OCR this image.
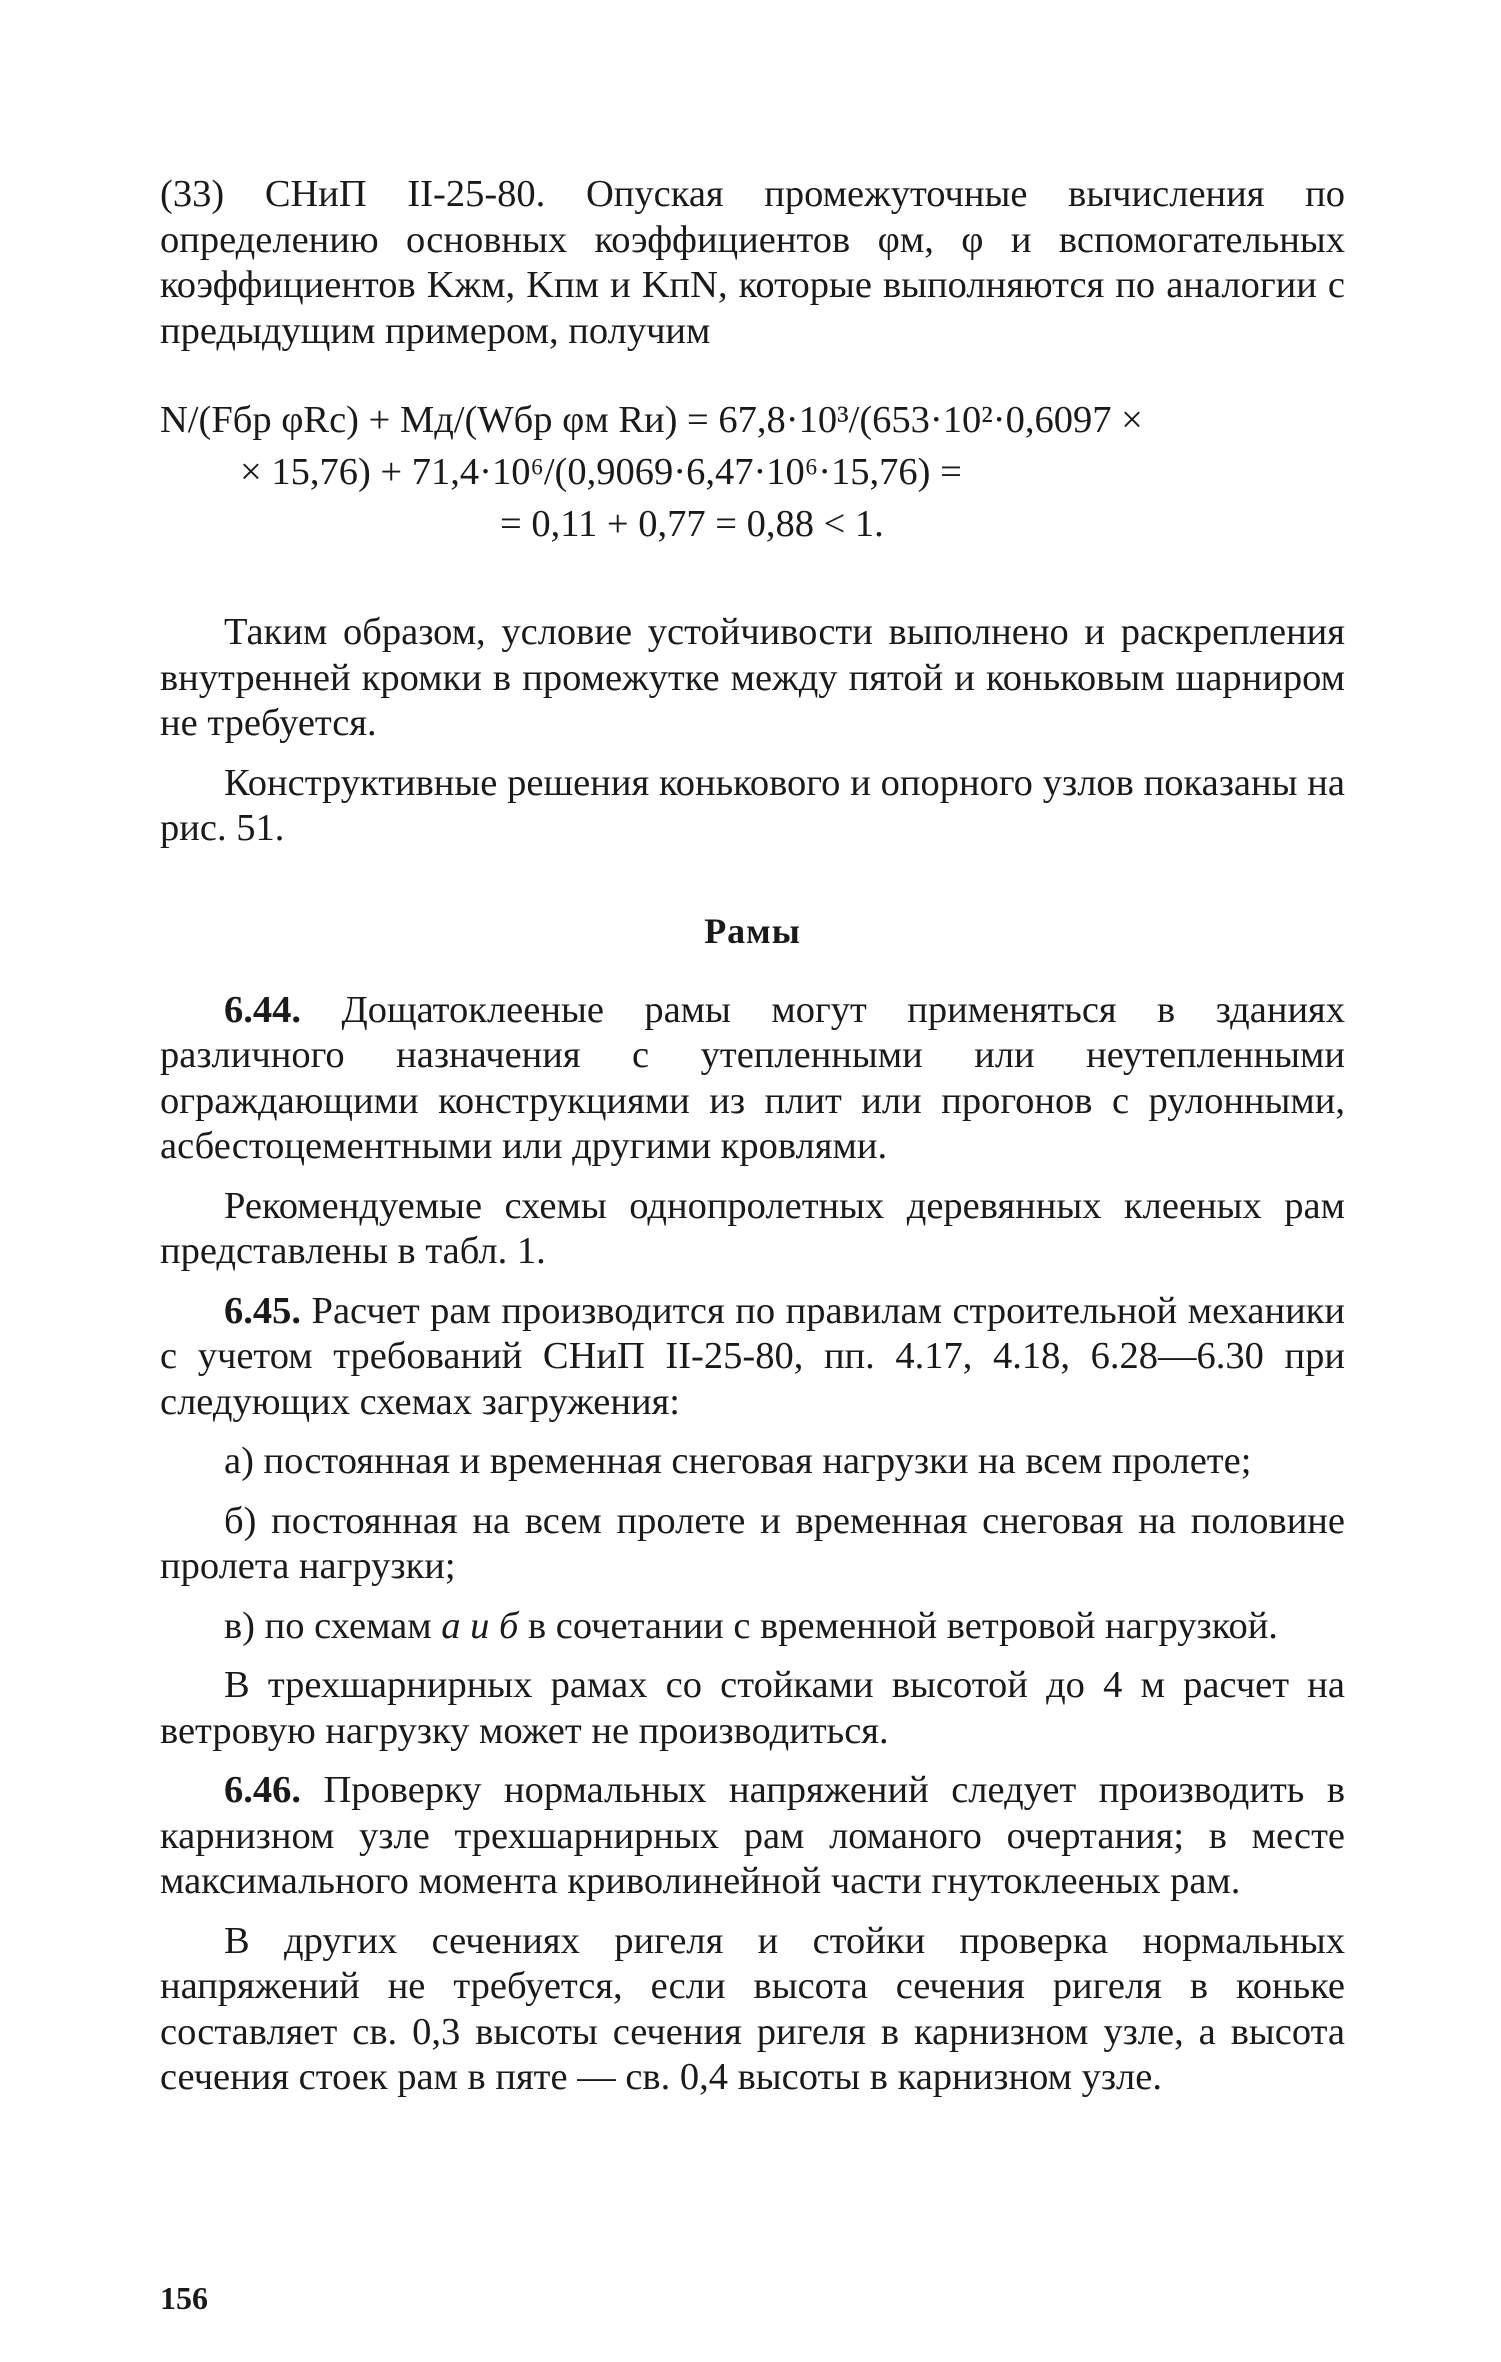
(33) СНиП II-25-80. Опуская промежуточные вычисления по определению основных коэффициентов φм, φ и вспомогательных коэффициентов Kжм, Kпм и KпN, которые выполняются по аналогии с предыдущим примером, получим

N/(Fбр φRс) + Mд/(Wбр φм Rи) = 67,8·10³/(653·10²·0,6097 ×
× 15,76) + 71,4·10⁶/(0,9069·6,47·10⁶·15,76) =
= 0,11 + 0,77 = 0,88 < 1.

Таким образом, условие устойчивости выполнено и раскрепления внутренней кромки в промежутке между пятой и коньковым шарниром не требуется.

Конструктивные решения конькового и опорного узлов показаны на рис. 51.

Рамы

6.44. Дощатоклееные рамы могут применяться в зданиях различного назначения с утепленными или неутепленными ограждающими конструкциями из плит или прогонов с рулонными, асбестоцементными или другими кровлями.

Рекомендуемые схемы однопролетных деревянных клееных рам представлены в табл. 1.

6.45. Расчет рам производится по правилам строительной механики с учетом требований СНиП II-25-80, пп. 4.17, 4.18, 6.28—6.30 при следующих схемах загружения:

а) постоянная и временная снеговая нагрузки на всем пролете;

б) постоянная на всем пролете и временная снеговая на половине пролета нагрузки;

в) по схемам а и б в сочетании с временной ветровой нагрузкой.

В трехшарнирных рамах со стойками высотой до 4 м расчет на ветровую нагрузку может не производиться.

6.46. Проверку нормальных напряжений следует производить в карнизном узле трехшарнирных рам ломаного очертания; в месте максимального момента криволинейной части гнутоклееных рам.

В других сечениях ригеля и стойки проверка нормальных напряжений не требуется, если высота сечения ригеля в коньке составляет св. 0,3 высоты сечения ригеля в карнизном узле, а высота сечения стоек рам в пяте — св. 0,4 высоты в карнизном узле.

156
